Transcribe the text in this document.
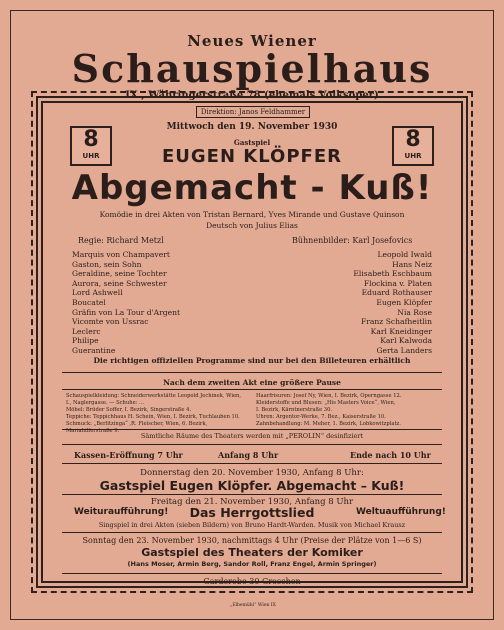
Neues Wiener
Schauspielhaus
IX., Währingerstraße 78 (ehemals Volksoper)
Direktion: Janos Feldhammer
8
UHR
8
UHR
Mittwoch den 19. November 1930
Gastspiel
EUGEN KLÖPFER
Abgemacht - Kuß!
Komödie in drei Akten von Tristan Bernard, Yves Mirande und Gustave Quinson
Deutsch von Julius Elias
Regie: Richard Metzl	Bühnenbilder: Karl Josefovics
Marquis von Champavert	Leopold Iwald
Gaston, sein Sohn	Hans Neiz
Geraldine, seine Tochter	Elisabeth Eschbaum
Aurora, seine Schwester	Flockina v. Platen
Lord Ashwell	Eduard Rothauser
Boucatel	Eugen Klöpfer
Gräfin von La Tour d'Argent	Nia Rose
Vicomte von Ussrac	Franz Schafheitlin
Leclerc	Karl Kneidinger
Philipe	Karl Kalwoda
Guerantine	Gerta Landers
Die richtigen offiziellen Programme sind nur bei den Billeteuren erhältlich
Nach dem zweiten Akt eine größere Pause
Schauspielkleidung: Schneiderwerkstätte Leopold Jechinek, Wien,
I., Naglergasse. — Schuhe: ...
Möbel: Brüder Soffer, I. Bezirk, Singerstraße 4.
Teppiche: Teppichhaus H. Schein, Wien, I. Bezirk, Tuchlauben 10.
Schmuck: „Berlitzinga“ ,R. Fleischer, Wien, 6. Bezirk, Mariahilferstraße 9.
Haarfrisuren: Josef Ny, Wien, I. Bezirk, Operngasse 12.
Kleiderstoffe und Blusen: „His Masters Voice“, Wien,
I. Bezirk, Kärntnerstraße 30.
Uhren: Argentor-Werke, 7. Bez., Kaiserstraße 10.
Zahnbehandlung: M. Meher, 1. Bezirk, Lobkowitzplatz.
Sämtliche Räume des Theaters werden mit „PEROLIN“ desinfiziert
Kassen-Eröffnung 7 Uhr	Anfang 8 Uhr	Ende nach 10 Uhr
Donnerstag den 20. November 1930, Anfang 8 Uhr:
Gastspiel Eugen Klöpfer. Abgemacht – Kuß!
Freitag den 21. November 1930, Anfang 8 Uhr
Das Herrgottslied
Weituraufführung!	Weltuaufführung!
Singspiel in drei Akten (sieben Bildern) von Bruno Hardt-Warden. Musik von Michael Krausz
Sonntag den 23. November 1930, nachmittags 4 Uhr (Preise der Plätze von 1—6 S)
Gastspiel des Theaters der Komiker
(Hans Moser, Armin Berg, Sandor Roll, Franz Engel, Armin Springer)
Garderobe 30 Groschen
„Elbemühl“ Wien IX
